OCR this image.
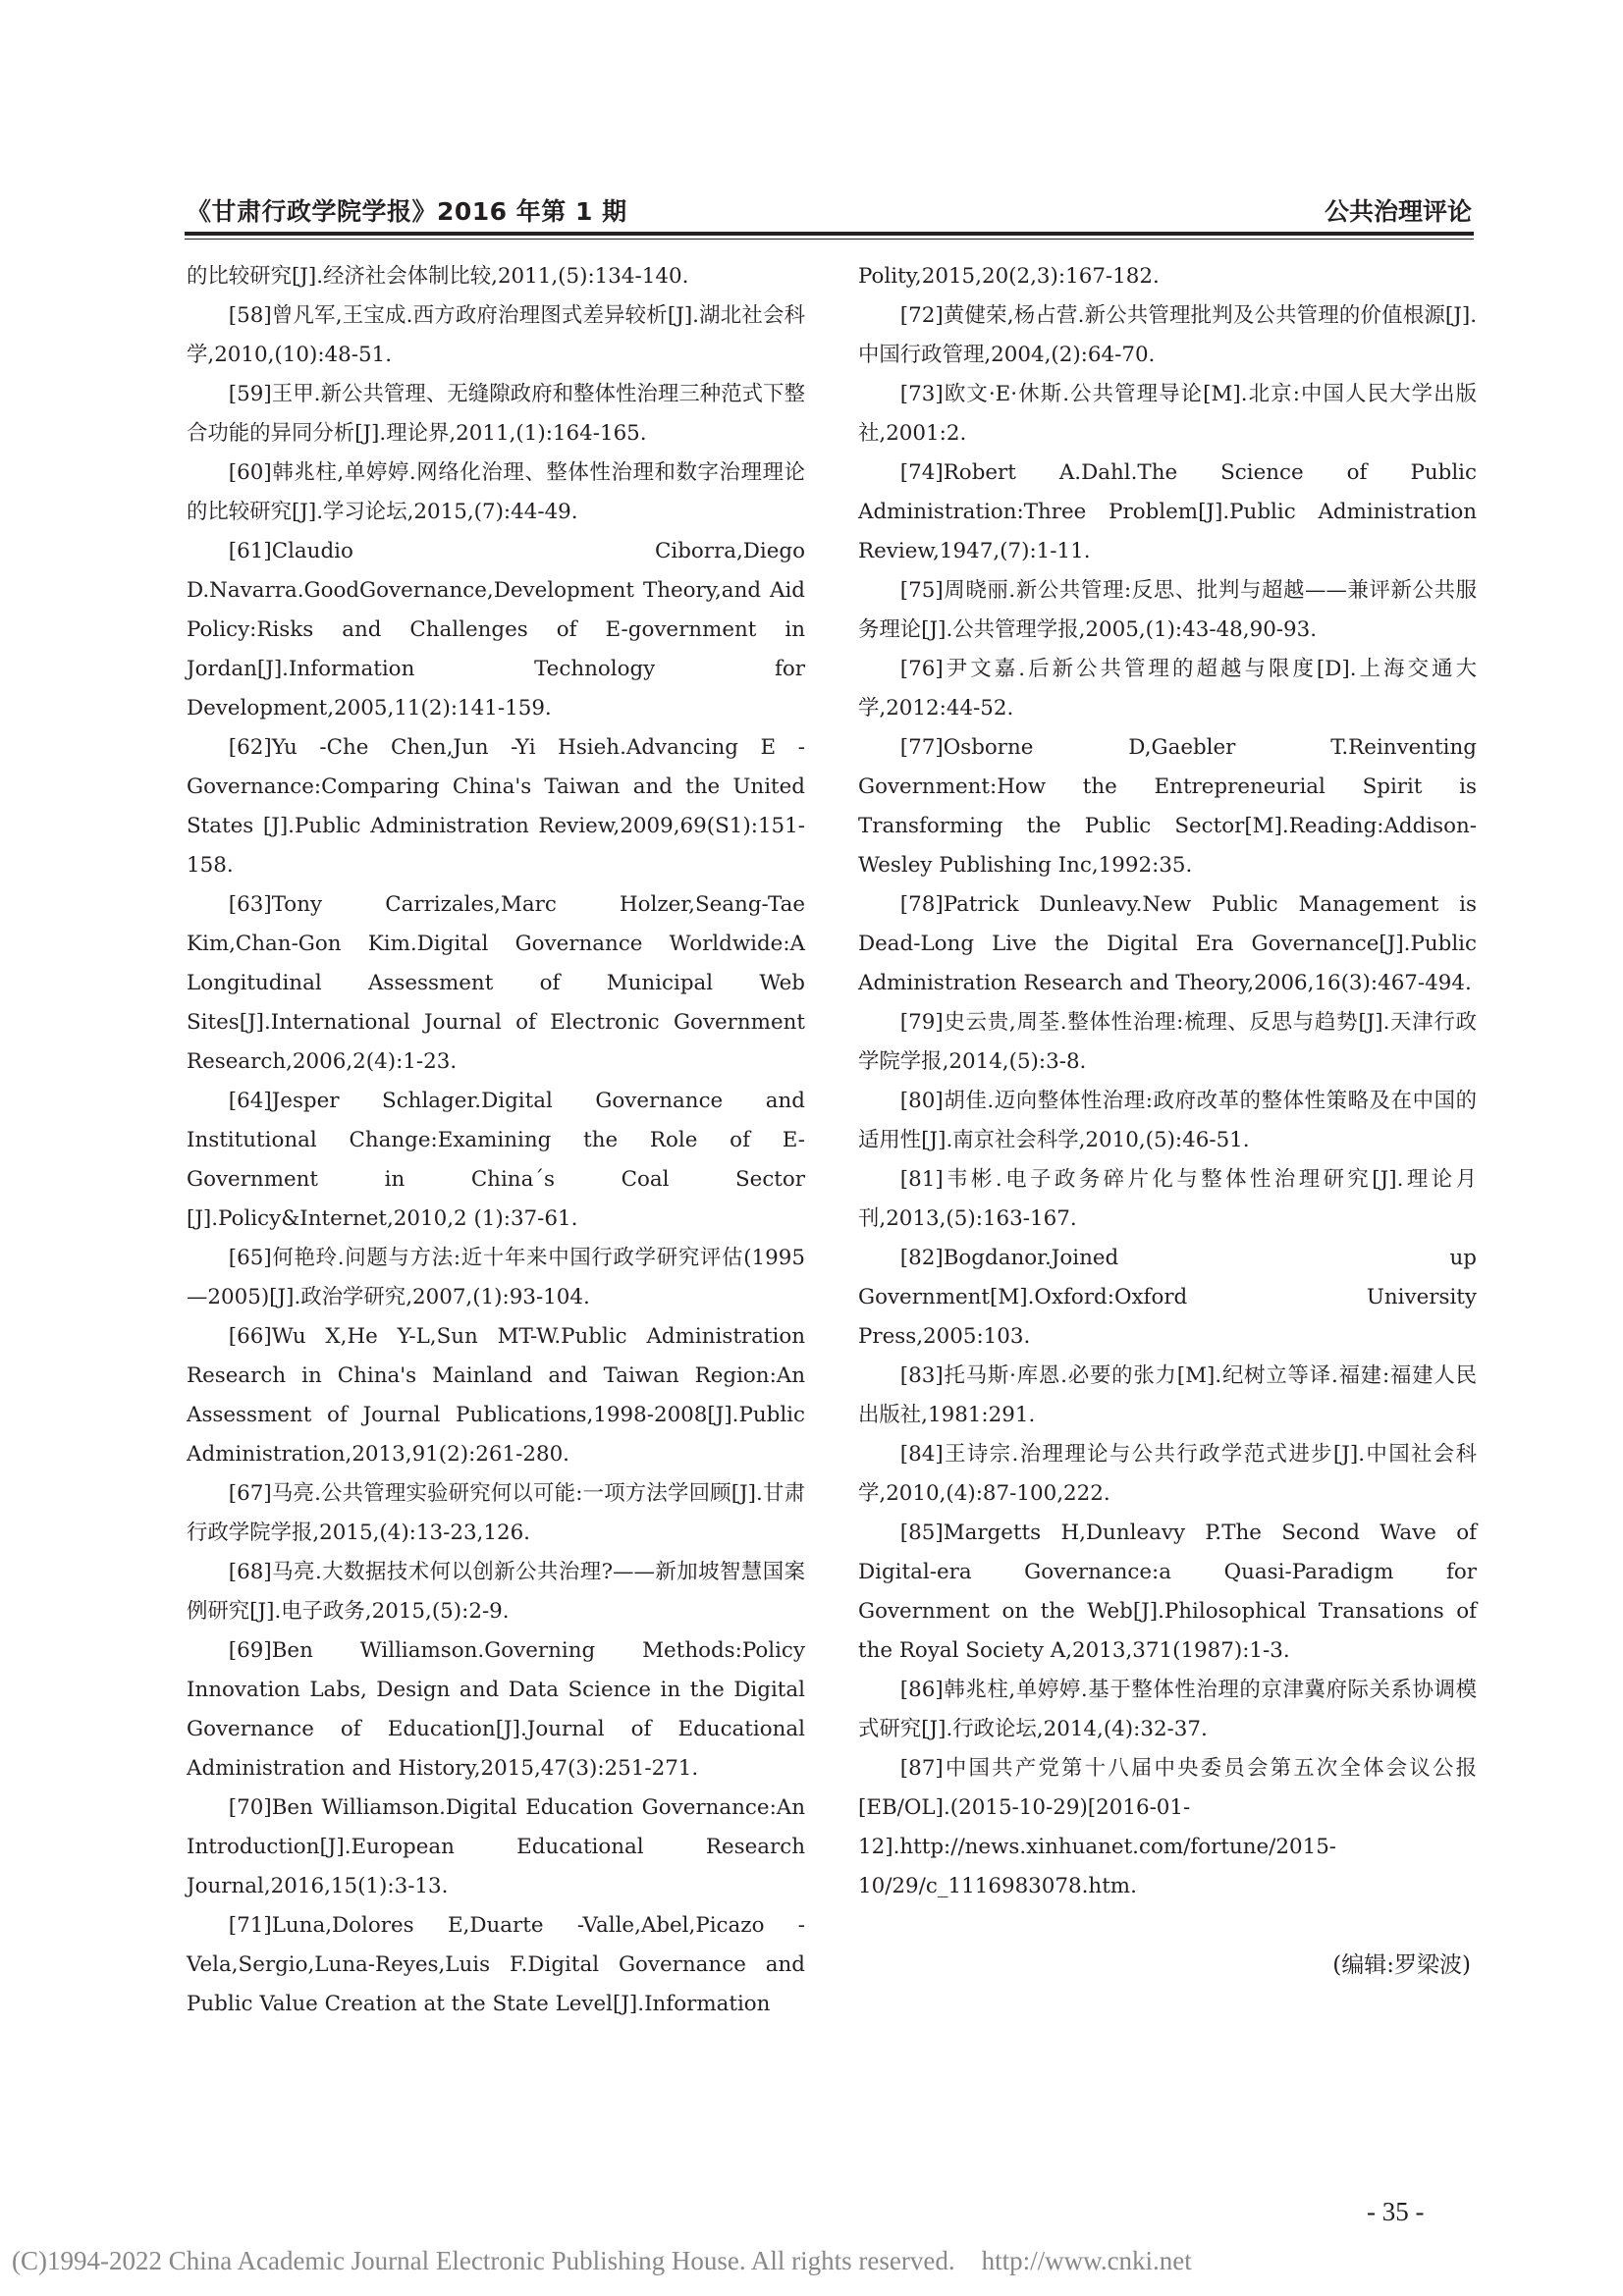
《甘肃行政学院学报》2016 年第 1 期	公共治理评论

的比较研究[J].经济社会体制比较,2011,(5):134-140.

[58]曾凡军,王宝成.西方政府治理图式差异较析[J].湖北社会科学,2010,(10):48-51.

[59]王甲.新公共管理、无缝隙政府和整体性治理三种范式下整合功能的异同分析[J].理论界,2011,(1):164-165.

[60]韩兆柱,单婷婷.网络化治理、整体性治理和数字治理理论的比较研究[J].学习论坛,2015,(7):44-49.

[61]Claudio Ciborra,Diego D.Navarra.GoodGovernance,Development Theory,and Aid Policy:Risks and Challenges of E-government in Jordan[J].Information Technology for Development,2005,11(2):141-159.

[62]Yu -Che Chen,Jun -Yi Hsieh.Advancing E -Governance:Comparing China's Taiwan and the United States [J].Public Administration Review,2009,69(S1):151-158.

[63]Tony Carrizales,Marc Holzer,Seang-Tae Kim,Chan-Gon Kim.Digital Governance Worldwide:A Longitudinal Assessment of Municipal Web Sites[J].International Journal of Electronic Government Research,2006,2(4):1-23.

[64]Jesper Schlager.Digital Governance and Institutional Change:Examining the Role of E-Government in China´s Coal Sector [J].Policy&Internet,2010,2 (1):37-61.

[65]何艳玲.问题与方法:近十年来中国行政学研究评估(1995—2005)[J].政治学研究,2007,(1):93-104.

[66]Wu X,He Y-L,Sun MT-W.Public Administration Research in China's Mainland and Taiwan Region:An Assessment of Journal Publications,1998-2008[J].Public Administration,2013,91(2):261-280.

[67]马亮.公共管理实验研究何以可能:一项方法学回顾[J].甘肃行政学院学报,2015,(4):13-23,126.

[68]马亮.大数据技术何以创新公共治理?——新加坡智慧国案例研究[J].电子政务,2015,(5):2-9.

[69]Ben Williamson.Governing Methods:Policy Innovation Labs, Design and Data Science in the Digital Governance of Education[J].Journal of Educational Administration and History,2015,47(3):251-271.

[70]Ben Williamson.Digital Education Governance:An Introduction[J].European Educational Research Journal,2016,15(1):3-13.

[71]Luna,Dolores E,Duarte -Valle,Abel,Picazo -Vela,Sergio,Luna-Reyes,Luis F.Digital Governance and Public Value Creation at the State Level[J].Information

Polity,2015,20(2,3):167-182.

[72]黄健荣,杨占营.新公共管理批判及公共管理的价值根源[J].中国行政管理,2004,(2):64-70.

[73]欧文·E·休斯.公共管理导论[M].北京:中国人民大学出版社,2001:2.

[74]Robert A.Dahl.The Science of Public Administration:Three Problem[J].Public Administration Review,1947,(7):1-11.

[75]周晓丽.新公共管理:反思、批判与超越——兼评新公共服务理论[J].公共管理学报,2005,(1):43-48,90-93.

[76]尹文嘉.后新公共管理的超越与限度[D].上海交通大学,2012:44-52.

[77]Osborne D,Gaebler T.Reinventing Government:How the Entrepreneurial Spirit is Transforming the Public Sector[M].Reading:Addison-Wesley Publishing Inc,1992:35.

[78]Patrick Dunleavy.New Public Management is Dead-Long Live the Digital Era Governance[J].Public Administration Research and Theory,2006,16(3):467-494.

[79]史云贵,周荃.整体性治理:梳理、反思与趋势[J].天津行政学院学报,2014,(5):3-8.

[80]胡佳.迈向整体性治理:政府改革的整体性策略及在中国的适用性[J].南京社会科学,2010,(5):46-51.

[81]韦彬.电子政务碎片化与整体性治理研究[J].理论月刊,2013,(5):163-167.

[82]Bogdanor.Joined up Government[M].Oxford:Oxford University Press,2005:103.

[83]托马斯·库恩.必要的张力[M].纪树立等译.福建:福建人民出版社,1981:291.

[84]王诗宗.治理理论与公共行政学范式进步[J].中国社会科学,2010,(4):87-100,222.

[85]Margetts H,Dunleavy P.The Second Wave of Digital-era Governance:a Quasi-Paradigm for Government on the Web[J].Philosophical Transations of the Royal Society A,2013,371(1987):1-3.

[86]韩兆柱,单婷婷.基于整体性治理的京津冀府际关系协调模式研究[J].行政论坛,2014,(4):32-37.

[87]中国共产党第十八届中央委员会第五次全体会议公报[EB/OL].(2015-10-29)[2016-01-12].http://news.xinhuanet.com/fortune/2015-10/29/c_1116983078.htm.

(编辑:罗梁波)
- 35 -
(C)1994-2022 China Academic Journal Electronic Publishing House. All rights reserved.    http://www.cnki.net
